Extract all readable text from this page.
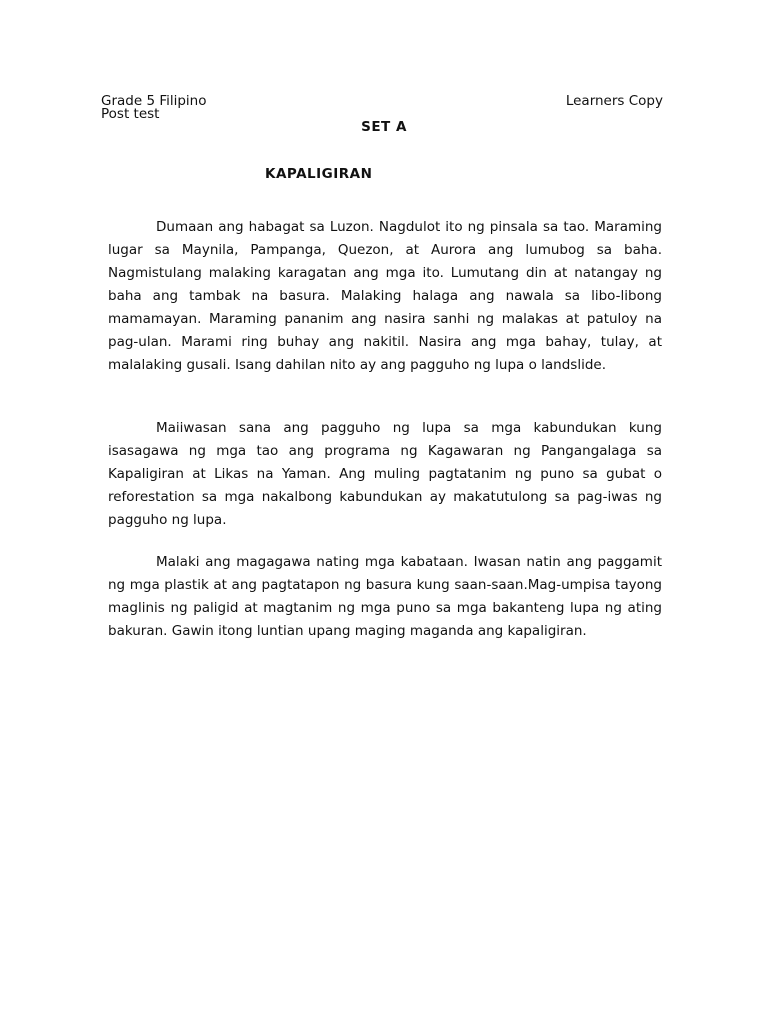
Grade 5 Filipino
Post test
Learners Copy
SET A
KAPALIGIRAN

Dumaan ang habagat sa Luzon. Nagdulot ito ng pinsala sa tao. Maraming lugar sa Maynila, Pampanga, Quezon, at Aurora ang lumubog sa baha. Nagmistulang malaking karagatan ang mga ito. Lumutang din at natangay ng baha ang tambak na basura. Malaking halaga ang nawala sa libo-libong mamamayan. Maraming pananim ang nasira sanhi ng malakas at patuloy na pag-ulan. Marami ring buhay ang nakitil. Nasira ang mga bahay, tulay, at malalaking gusali. Isang dahilan nito ay ang pagguho ng lupa o landslide.

Maiiwasan sana ang pagguho ng lupa sa mga kabundukan kung isasagawa ng mga tao ang programa ng Kagawaran ng Pangangalaga sa Kapaligiran at Likas na Yaman. Ang muling pagtatanim ng puno sa gubat o reforestation sa mga nakalbong kabundukan ay makatutulong sa pag-iwas ng pagguho ng lupa.

Malaki ang magagawa nating mga kabataan. Iwasan natin ang paggamit ng mga plastik at ang pagtatapon ng basura kung saan-saan.Mag-umpisa tayong maglinis ng paligid at magtanim ng mga puno sa mga bakanteng lupa ng ating bakuran. Gawin itong luntian upang maging maganda ang kapaligiran.
